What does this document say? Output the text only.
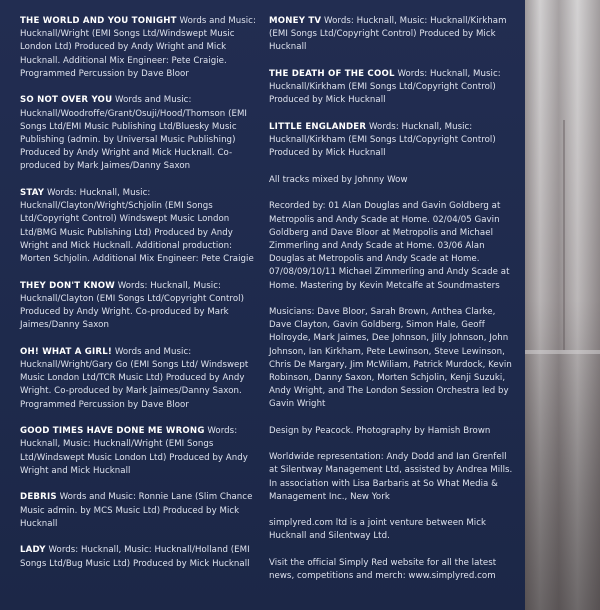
THE WORLD AND YOU TONIGHT Words and Music: Hucknall/Wright (EMI Songs Ltd/Windswept Music London Ltd) Produced by Andy Wright and Mick Hucknall. Additional Mix Engineer: Pete Craigie. Programmed Percussion by Dave Bloor
SO NOT OVER YOU Words and Music: Hucknall/Woodroffe/Grant/Osuji/Hood/Thomson (EMI Songs Ltd/EMI Music Publishing Ltd/Bluesky Music Publishing (admin. by Universal Music Publishing) Produced by Andy Wright and Mick Hucknall. Co-produced by Mark Jaimes/Danny Saxon
STAY Words: Hucknall, Music: Hucknall/Clayton/Wright/Schjolin (EMI Songs Ltd/Copyright Control) Windswept Music London Ltd/BMG Music Publishing Ltd) Produced by Andy Wright and Mick Hucknall. Additional production: Morten Schjolin. Additional Mix Engineer: Pete Craigie
THEY DON'T KNOW Words: Hucknall, Music: Hucknall/Clayton (EMI Songs Ltd/Copyright Control) Produced by Andy Wright. Co-produced by Mark Jaimes/Danny Saxon
OH! WHAT A GIRL! Words and Music: Hucknall/Wright/Gary Go (EMI Songs Ltd/ Windswept Music London Ltd/TCR Music Ltd) Produced by Andy Wright. Co-produced by Mark Jaimes/Danny Saxon. Programmed Percussion by Dave Bloor
GOOD TIMES HAVE DONE ME WRONG Words: Hucknall, Music: Hucknall/Wright (EMI Songs Ltd/Windswept Music London Ltd) Produced by Andy Wright and Mick Hucknall
DEBRIS Words and Music: Ronnie Lane (Slim Chance Music admin. by MCS Music Ltd) Produced by Mick Hucknall
LADY Words: Hucknall, Music: Hucknall/Holland (EMI Songs Ltd/Bug Music Ltd) Produced by Mick Hucknall
MONEY TV Words: Hucknall, Music: Hucknall/Kirkham (EMI Songs Ltd/Copyright Control) Produced by Mick Hucknall
THE DEATH OF THE COOL Words: Hucknall, Music: Hucknall/Kirkham (EMI Songs Ltd/Copyright Control) Produced by Mick Hucknall
LITTLE ENGLANDER Words: Hucknall, Music: Hucknall/Kirkham (EMI Songs Ltd/Copyright Control) Produced by Mick Hucknall
All tracks mixed by Johnny Wow
Recorded by: 01 Alan Douglas and Gavin Goldberg at Metropolis and Andy Scade at Home. 02/04/05 Gavin Goldberg and Dave Bloor at Metropolis and Michael Zimmerling and Andy Scade at Home. 03/06 Alan Douglas at Metropolis and Andy Scade at Home. 07/08/09/10/11 Michael Zimmerling and Andy Scade at Home. Mastering by Kevin Metcalfe at Soundmasters
Musicians: Dave Bloor, Sarah Brown, Anthea Clarke, Dave Clayton, Gavin Goldberg, Simon Hale, Geoff Holroyde, Mark Jaimes, Dee Johnson, Jilly Johnson, John Johnson, Ian Kirkham, Pete Lewinson, Steve Lewinson, Chris De Margary, Jim McWiliam, Patrick Murdock, Kevin Robinson, Danny Saxon, Morten Schjolin, Kenji Suzuki, Andy Wright, and The London Session Orchestra led by Gavin Wright
Design by Peacock. Photography by Hamish Brown
Worldwide representation: Andy Dodd and Ian Grenfell at Silentway Management Ltd, assisted by Andrea Mills. In association with Lisa Barbaris at So What Media & Management Inc., New York
simplyred.com ltd is a joint venture between Mick Hucknall and Silentway Ltd.
Visit the official Simply Red website for all the latest news, competitions and merch: www.simplyred.com
